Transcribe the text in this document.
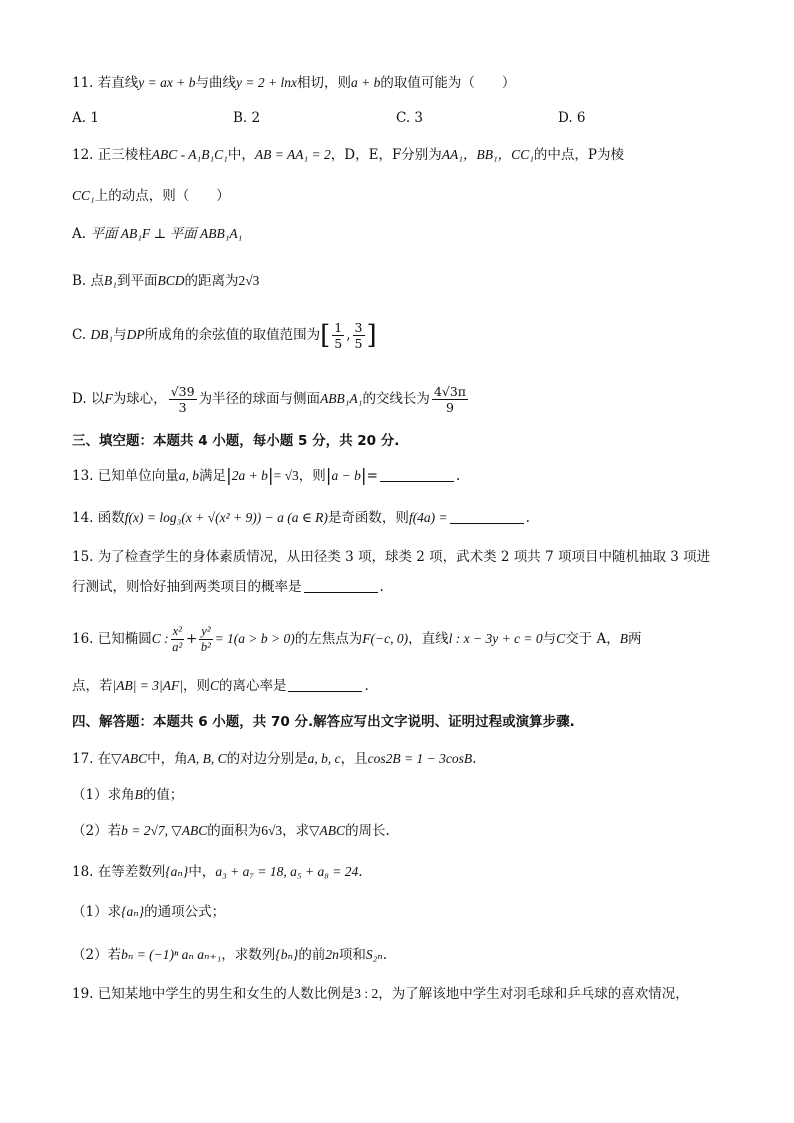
11. 若直线y = ax + b与曲线y = 2 + lnx相切，则a + b的取值可能为（　　）
A. 1	B. 2	C. 3	D. 6
12. 正三棱柱ABC - A₁B₁C₁中，AB = AA₁ = 2，D，E，F分别为AA₁，BB₁，CC₁的中点，P为棱
CC₁上的动点，则（　　）
A. 平面 AB₁F ⊥ 平面 ABB₁A₁
B. 点B₁到平面BCD的距离为2√3
C. DB₁与DP所成角的余弦值的取值范围为[ $\frac{1}{5}$ , $\frac{3}{5}$ ]
D. 以F为球心， $\frac{√39}{3}$ 为半径的球面与侧面ABB₁A₁的交线长为 $\frac{4√3\pi}{9}$
三、填空题：本题共 4 小题，每小题 5 分，共 20 分.
13. 已知单位向量a, b满足|2a + b|= √3，则|a − b|=	.
14. 函数f(x) = log₃(x + √(x² + 9)) − a (a ∈ R)是奇函数，则f(4a) =	.
15. 为了检查学生的身体素质情况，从田径类 3 项，球类 2 项，武术类 2 项共 7 项项目中随机抽取 3 项进
行测试，则恰好抽到两类项目的概率是	.
16. 已知椭圆C : $\frac{\text{x²}}{\text{a²}} + \frac{\text{y²}}{\text{b²}} = 1(a > b > 0)$的左焦点为F(−c, 0)，直线l : x − 3y + c = 0与C交于 A，B两
点，若|AB| = 3|AF|，则C的离心率是	.
四、解答题：本题共 6 小题，共 70 分.解答应写出文字说明、证明过程或演算步骤.
17. 在▽ABC中，角A, B, C的对边分别是a, b, c，且cos2B = 1 − 3cosB.
（1）求角B的值；
（2）若b = 2√7, ▽ABC的面积为6√3，求▽ABC的周长.
18. 在等差数列{aₙ}中，a₃ + a₇ = 18, a₅ + a₈ = 24.
（1）求{aₙ}的通项公式；
（2）若bₙ = (−1)ⁿ aₙ aₙ₊₁，求数列{bₙ}的前2n项和S₂ₙ.
19. 已知某地中学生的男生和女生的人数比例是3 : 2，为了解该地中学生对羽毛球和乒乓球的喜欢情况，
